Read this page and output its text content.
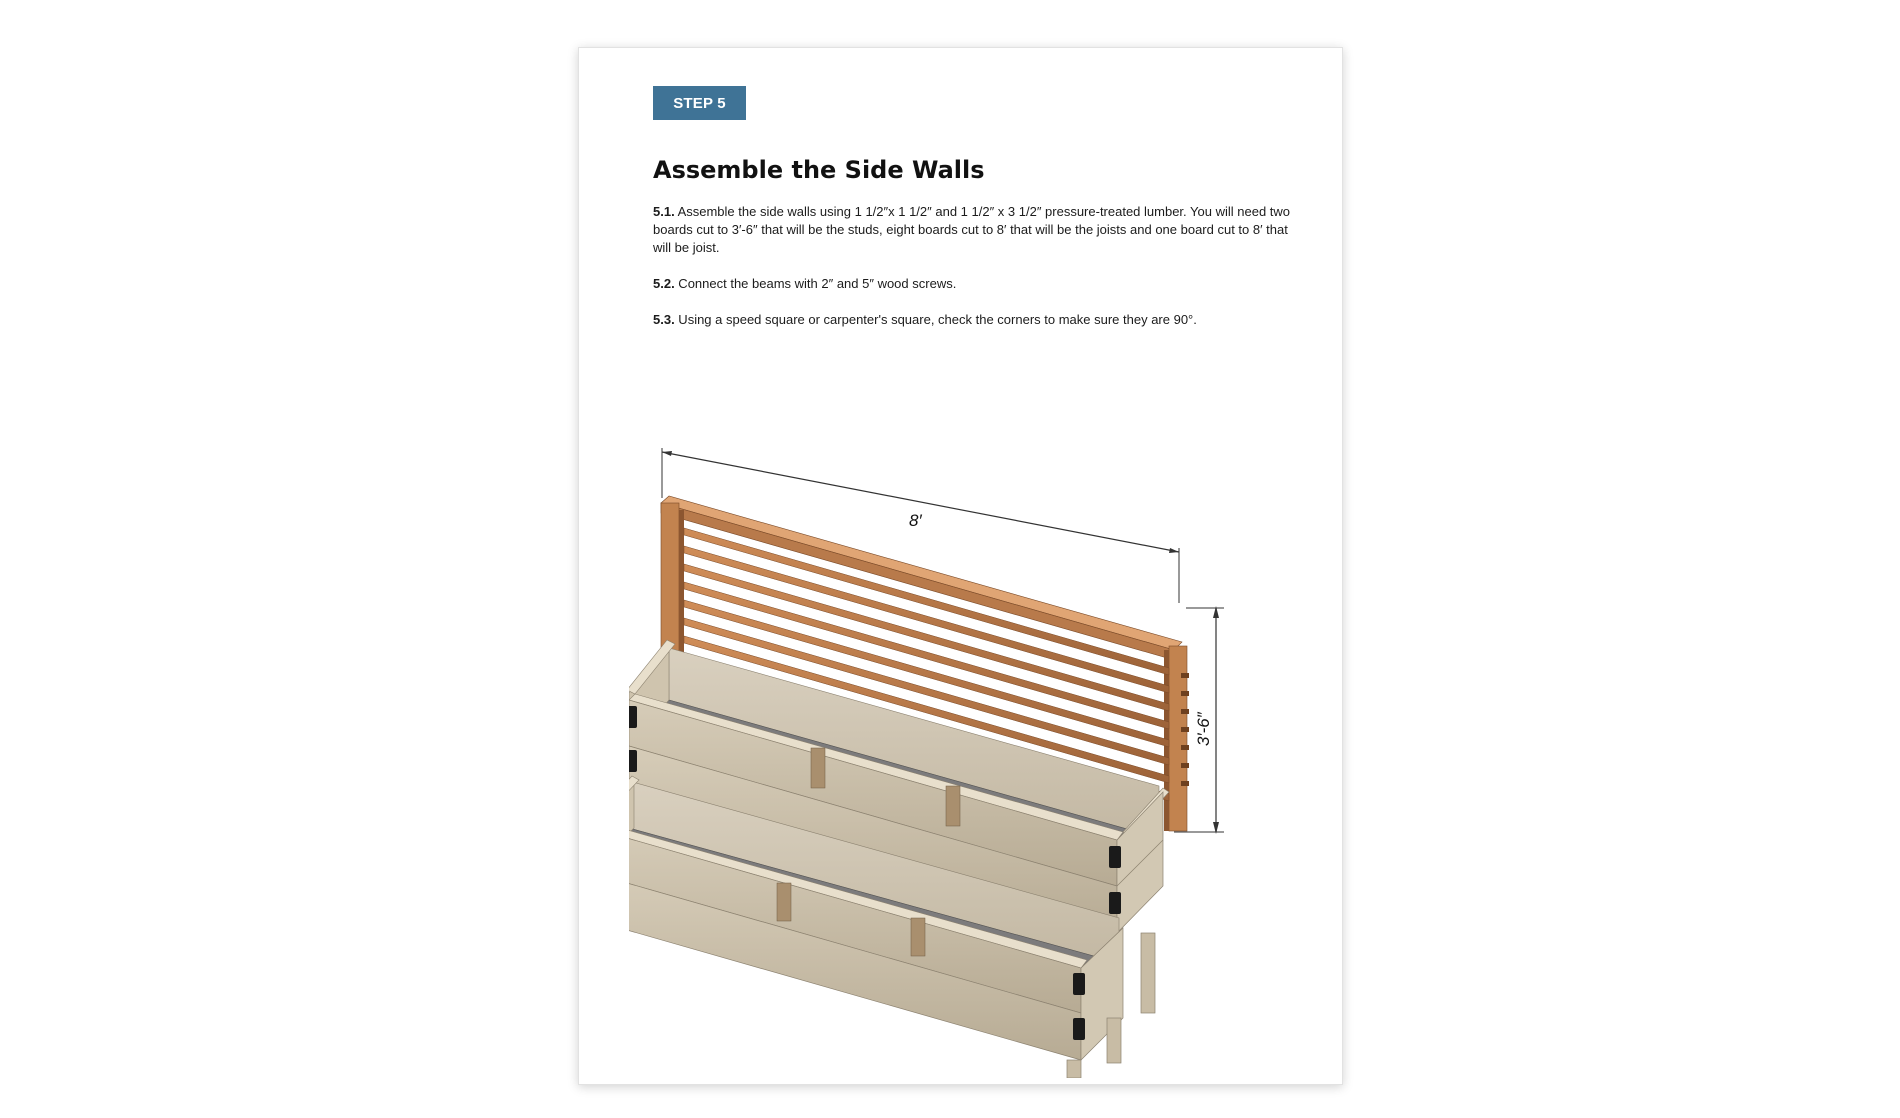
STEP 5
Assemble the Side Walls

5.1. Assemble the side walls using 1 1/2″x 1 1/2″ and 1 1/2″ x 3 1/2″ pressure-treated lumber. You will need two boards cut to 3′-6″ that will be the studs, eight boards cut to 8′ that will be the joists and one board cut to 8′ that will be joist.

5.2. Connect the beams with 2″ and 5″ wood screws.

5.3. Using a speed square or carpenter's square, check the corners to make sure they are 90°.

8′
3′-6″
